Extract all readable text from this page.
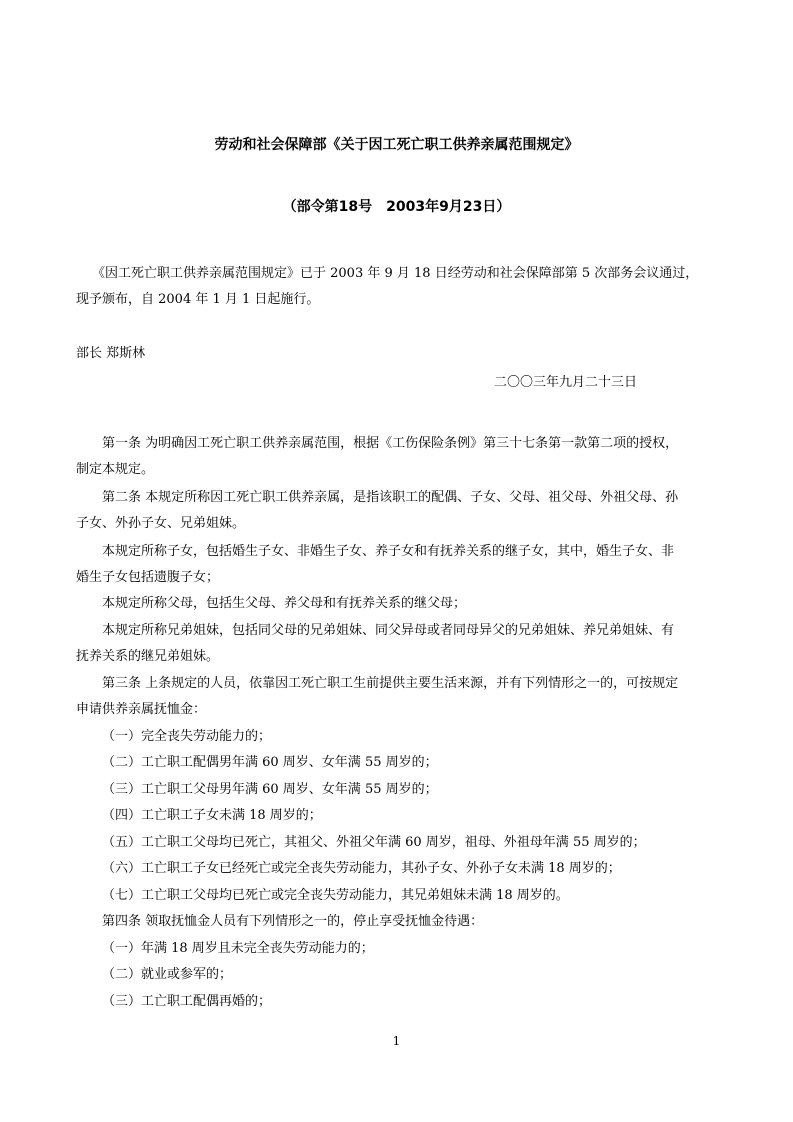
劳动和社会保障部《关于因工死亡职工供养亲属范围规定》
（部令第18号　2003年9月23日）
《因工死亡职工供养亲属范围规定》已于 2003 年 9 月 18 日经劳动和社会保障部第 5 次部务会议通过，
现予颁布，自 2004 年 1 月 1 日起施行。
部长 郑斯林
二〇〇三年九月二十三日
第一条 为明确因工死亡职工供养亲属范围，根据《工伤保险条例》第三十七条第一款第二项的授权，
制定本规定。
第二条 本规定所称因工死亡职工供养亲属，是指该职工的配偶、子女、父母、祖父母、外祖父母、孙
子女、外孙子女、兄弟姐妹。
本规定所称子女，包括婚生子女、非婚生子女、养子女和有抚养关系的继子女，其中，婚生子女、非
婚生子女包括遗腹子女；
本规定所称父母，包括生父母、养父母和有抚养关系的继父母；
本规定所称兄弟姐妹，包括同父母的兄弟姐妹、同父异母或者同母异父的兄弟姐妹、养兄弟姐妹、有
抚养关系的继兄弟姐妹。
第三条 上条规定的人员，依靠因工死亡职工生前提供主要生活来源，并有下列情形之一的，可按规定
申请供养亲属抚恤金：
（一）完全丧失劳动能力的；
（二）工亡职工配偶男年满 60 周岁、女年满 55 周岁的；
（三）工亡职工父母男年满 60 周岁、女年满 55 周岁的；
（四）工亡职工子女未满 18 周岁的；
（五）工亡职工父母均已死亡，其祖父、外祖父年满 60 周岁，祖母、外祖母年满 55 周岁的；
（六）工亡职工子女已经死亡或完全丧失劳动能力，其孙子女、外孙子女未满 18 周岁的；
（七）工亡职工父母均已死亡或完全丧失劳动能力，其兄弟姐妹未满 18 周岁的。
第四条 领取抚恤金人员有下列情形之一的，停止享受抚恤金待遇：
（一）年满 18 周岁且未完全丧失劳动能力的；
（二）就业或参军的；
（三）工亡职工配偶再婚的；
1
